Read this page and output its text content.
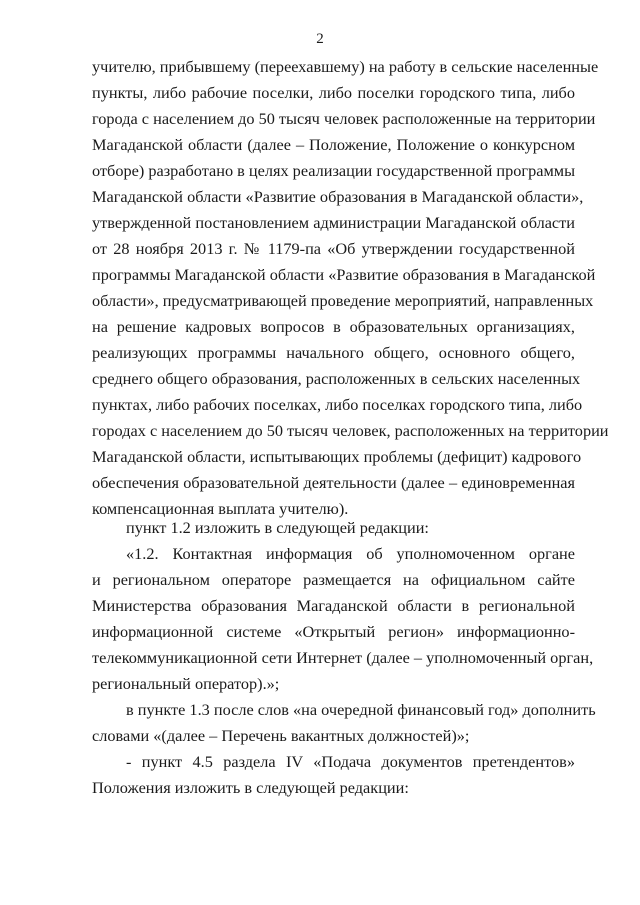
2
учителю, прибывшему (переехавшему) на работу в сельские населенные
пункты, либо рабочие поселки, либо поселки городского типа, либо
города с населением до 50 тысяч человек расположенные на территории
Магаданской области (далее – Положение, Положение о конкурсном
отборе) разработано в целях реализации государственной программы
Магаданской области «Развитие образования в Магаданской области»,
утвержденной постановлением администрации Магаданской области
от 28 ноября 2013 г. № 1179-па «Об утверждении государственной
программы Магаданской области «Развитие образования в Магаданской
области», предусматривающей проведение мероприятий, направленных
на решение кадровых вопросов в образовательных организациях,
реализующих программы начального общего, основного общего,
среднего общего образования, расположенных в сельских населенных
пунктах, либо рабочих поселках, либо поселках городского типа, либо
городах с населением до 50 тысяч человек, расположенных на территории
Магаданской области, испытывающих проблемы (дефицит) кадрового
обеспечения образовательной деятельности (далее – единовременная
компенсационная выплата учителю).
пункт 1.2 изложить в следующей редакции:
«1.2. Контактная информация об уполномоченном органе
и региональном операторе размещается на официальном сайте
Министерства образования Магаданской области в региональной
информационной системе «Открытый регион» информационно-
телекоммуникационной сети Интернет (далее – уполномоченный орган,
региональный оператор).»;
в пункте 1.3 после слов «на очередной финансовый год» дополнить
словами «(далее – Перечень вакантных должностей)»;
- пункт 4.5 раздела IV «Подача документов претендентов»
Положения изложить в следующей редакции:
